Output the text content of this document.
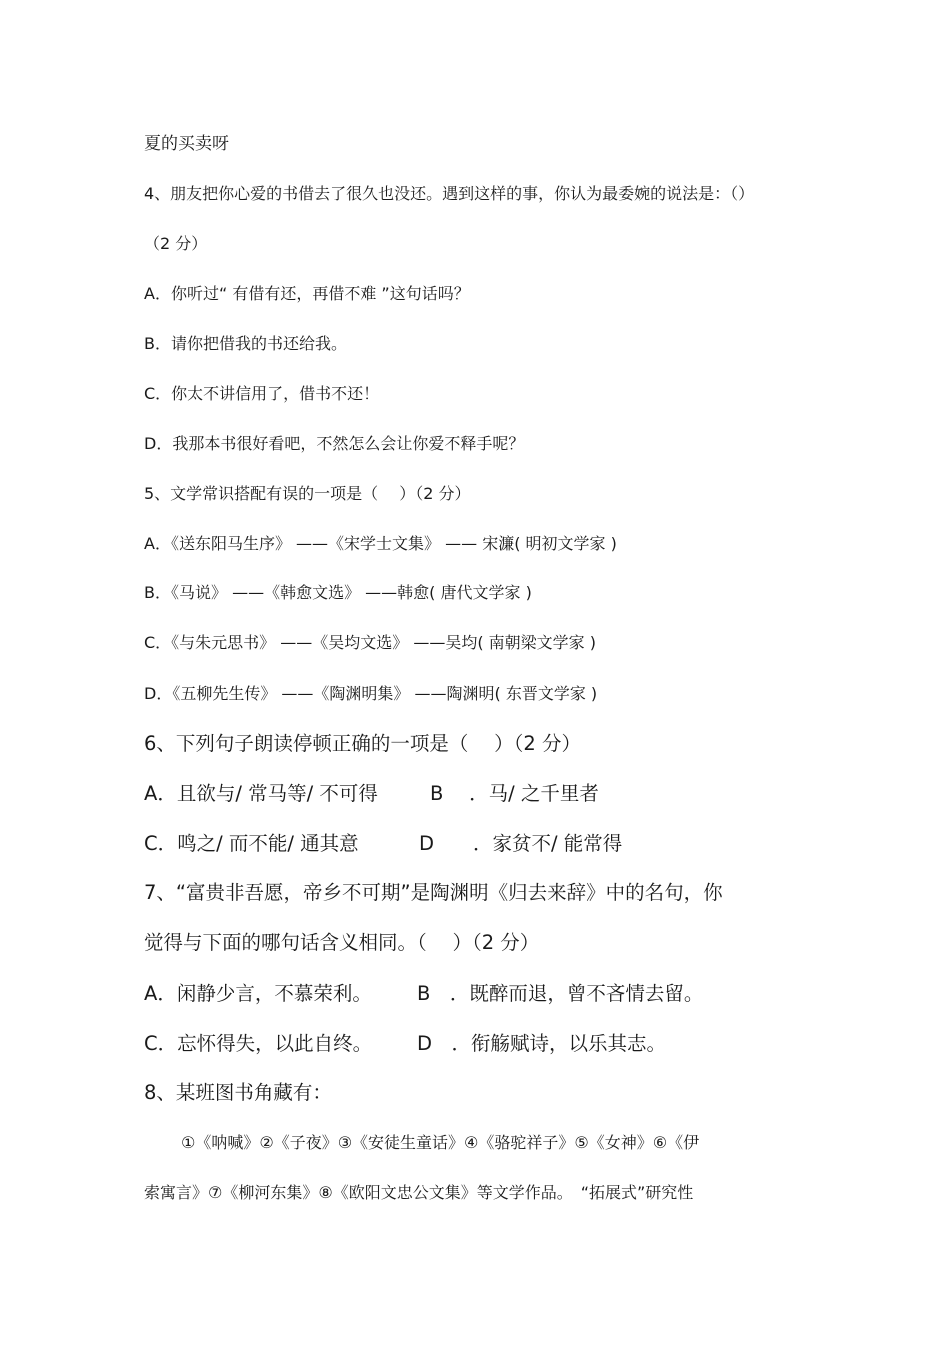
夏的买卖呀
4、朋友把你心爱的书借去了很久也没还。遇到这样的事，你认为最委婉的说法是：（）
（2 分）
A．你听过“ 有借有还，再借不难 ”这句话吗？
B．请你把借我的书还给我。
C．你太不讲信用了，借书不还！
D．我那本书很好看吧，不然怎么会让你爱不释手呢？
5、文学常识搭配有误的一项是（　 ）（2 分）
A．《送东阳马生序》 ——《宋学士文集》 —— 宋濂( 明初文学家 )
B．《马说》 ——《韩愈文选》 ——韩愈( 唐代文学家 )
C．《与朱元思书》 ——《吴均文选》 ——吴均( 南朝梁文学家 )
D．《五柳先生传》 ——《陶渊明集》 ——陶渊明( 东晋文学家 )
6、下列句子朗读停顿正确的一项是（　 ）（2 分）
A．且欲与/ 常马等/ 不可得	B　 ．马/ 之千里者
C．鸣之/ 而不能/ 通其意	D　　．家贫不/ 能常得
7、“富贵非吾愿，帝乡不可期”是陶渊明《归去来辞》中的名句，你
觉得与下面的哪句话含义相同。（　 ）（2 分）
A．闲静少言，不慕荣利。 B　．既醉而退，曾不吝情去留。
C．忘怀得失，以此自终。 D　．衔觞赋诗，以乐其志。
8、某班图书角藏有：
①《呐喊》②《子夜》③《安徒生童话》④《骆驼祥子》⑤《女神》⑥《伊
索寓言》⑦《柳河东集》⑧《欧阳文忠公文集》等文学作品。　“拓展式”研究性
